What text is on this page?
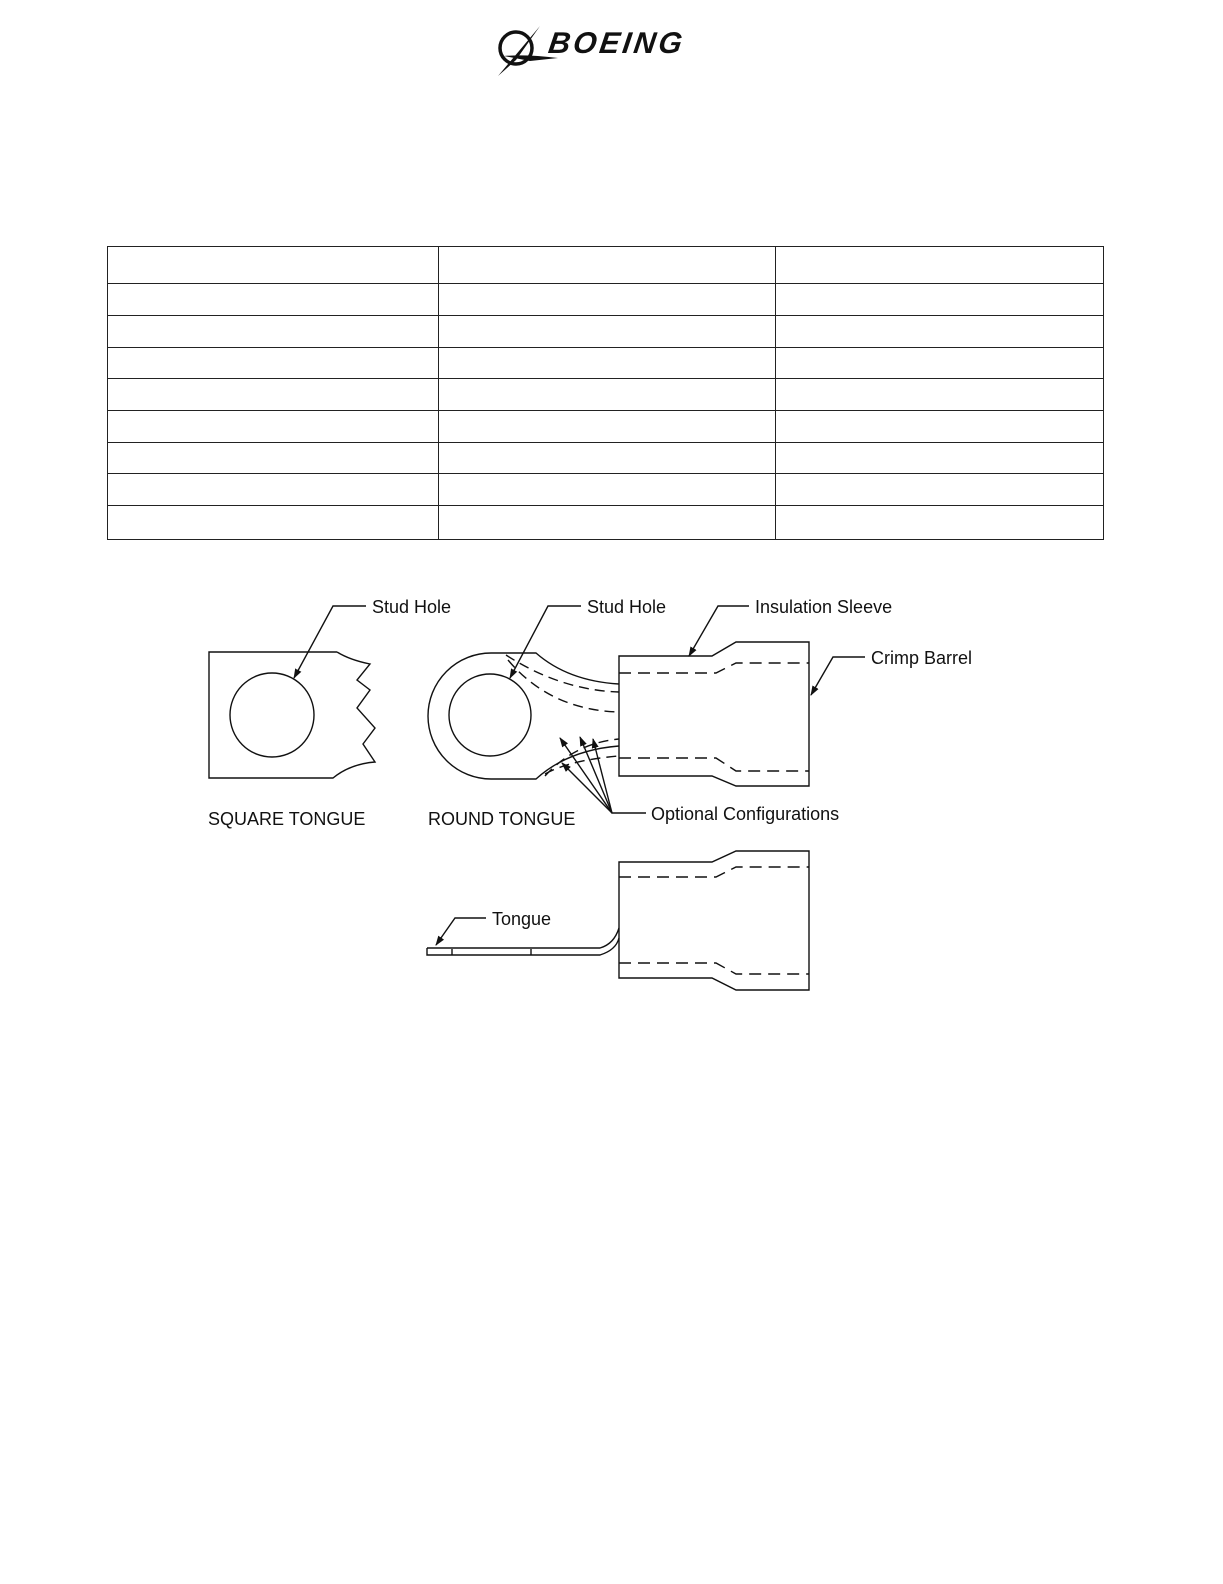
BOEING

Stud Hole	Stud Hole	Insulation Sleeve
Crimp Barrel
SQUARE TONGUE	ROUND TONGUE	Optional Configurations
Tongue
